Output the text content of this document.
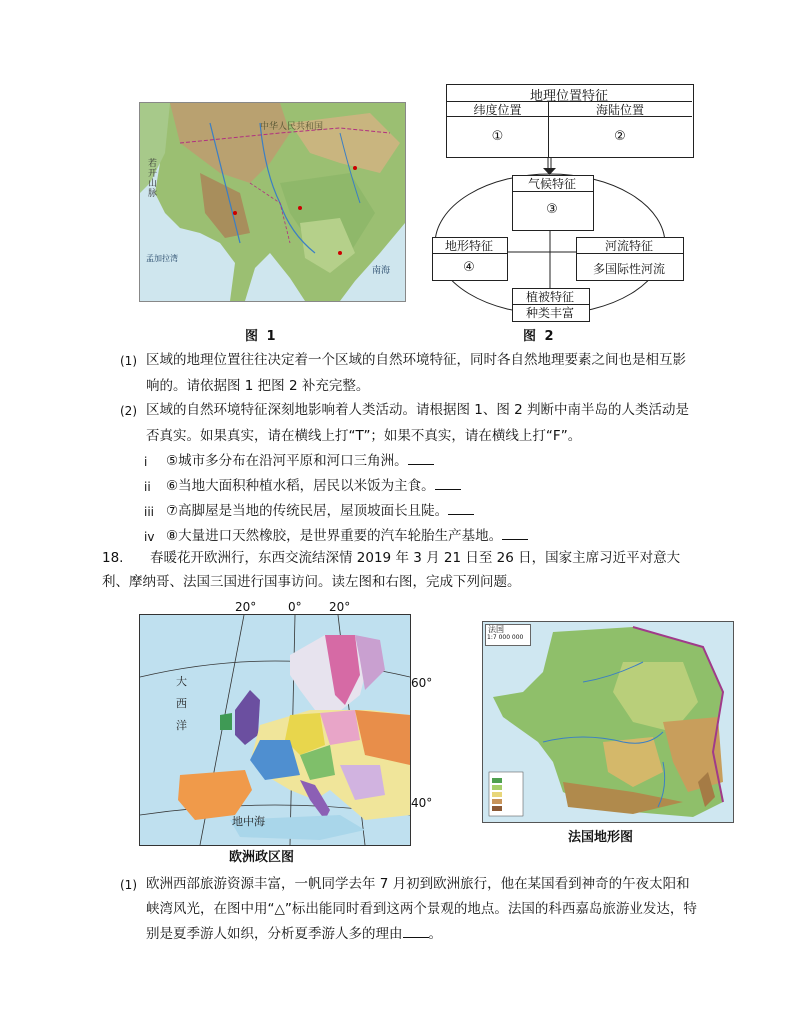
中华人民共和国
若开山脉
孟加拉湾
南海
图 1
地理位置特征
纬度位置	海陆位置
①	②
气候特征
③
地形特征
④
河流特征
多国际性河流
植被特征
种类丰富
图 2
(1) 区域的地理位置往往决定着一个区域的自然环境特征，同时各自然地理要素之间也是相互影
响的。请依据图 1 把图 2 补充完整。
(2) 区域的自然环境特征深刻地影响着人类活动。请根据图 1、图 2 判断中南半岛的人类活动是
否真实。如果真实，请在横线上打“T”；如果不真实，请在横线上打“F”。
i ⑤城市多分布在沿河平原和河口三角洲。
ii ⑥当地大面积种植水稻，居民以米饭为主食。
iii ⑦高脚屋是当地的传统民居，屋顶坡面长且陡。
iv ⑧大量进口天然橡胶，是世界重要的汽车轮胎生产基地。
18. 春暖花开欧洲行，东西交流结深情 2019 年 3 月 21 日至 26 日，国家主席习近平对意大
利、摩纳哥、法国三国进行国事访问。读左图和右图，完成下列问题。
20°	0° 20°
大西洋
地中海
60°
40°
欧洲政区图
法国
1:7 000 000
法国地形图
(1) 欧洲西部旅游资源丰富，一帆同学去年 7 月初到欧洲旅行，他在某国看到神奇的午夜太阳和
峡湾风光，在图中用“△”标出能同时看到这两个景观的地点。法国的科西嘉岛旅游业发达，特
别是夏季游人如织，分析夏季游人多的理由 。
